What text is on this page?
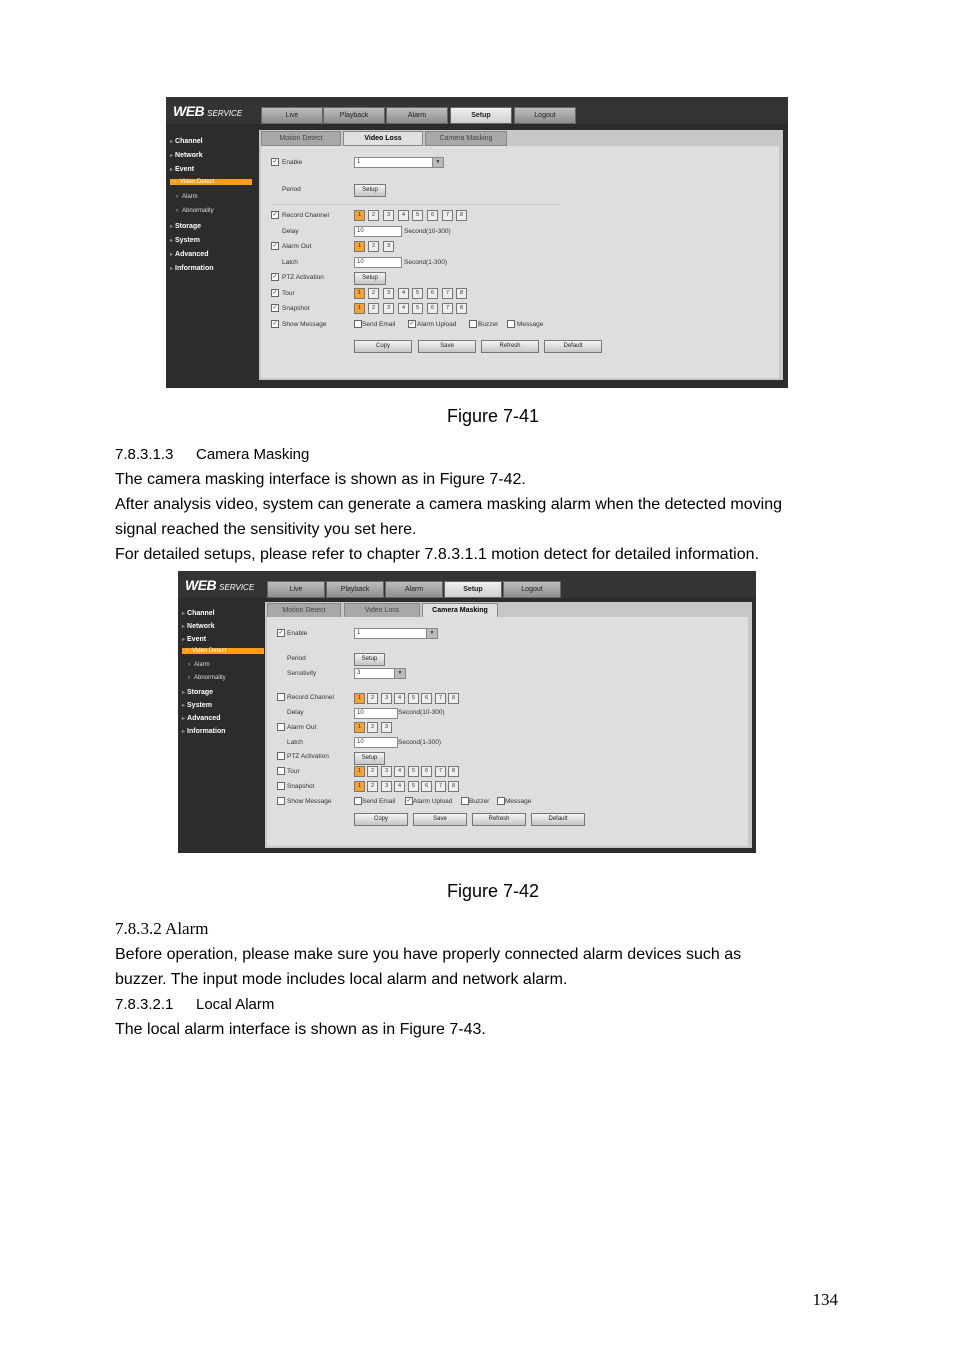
WEB SERVICE	Live	Playback	Alarm	Setup	Logout
▸ Channel
▸ Network
▸ Event
› Video Detect
› Alarm
› Abnormality
▸ Storage
▸ System
▸ Advanced
▸ Information
Motion Detect	Video Loss	Camera Masking
✓ Enable	1	▼
Period	Setup
✓ Record Channel	1	2	3	4	5	6	7	8
Delay	10	Second(10-300)
✓ Alarm Out	1	2	3
Latch	10	Second(1-300)
✓ PTZ Activation	Setup
✓ Tour	1	2	3	4	5	6	7	8
✓ Snapshot	1	2	3	4	5	6	7	8
✓ Show Message	Send Email ✓ Alarm Upload	Buzzer	Message
Copy	Save	Refresh	Default
Figure 7-41
7.8.3.1.3 Camera Masking
The camera masking interface is shown as in Figure 7-42.
After analysis video, system can generate a camera masking alarm when the detected moving
signal reached the sensitivity you set here.
For detailed setups, please refer to chapter 7.8.3.1.1 motion detect for detailed information.
WEB SERVICE	Live	Playback	Alarm	Setup	Logout
▸ Channel
▸ Network
▸ Event
› Video Detect
› Alarm
› Abnormality
▸ Storage
▸ System
▸ Advanced
▸ Information
Motion Detect	Video Loss	Camera Masking
✓ Enable	1	▼
Period	Setup
Sensitivity	3	▼
Record Channel	1	2	3	4	5	6	7	8
Delay	10	Second(10-300)
Alarm Out	1	2	3
Latch	10	Second(1-300)
PTZ Activation	Setup
Tour	1	2	3	4	5	6	7	8
Snapshot	1	2	3	4	5	6	7	8
Show Message	Send Email ✓ Alarm Upload	Buzzer Message
Copy	Save	Refresh	Default
Figure 7-42
7.8.3.2 Alarm
Before operation, please make sure you have properly connected alarm devices such as
buzzer. The input mode includes local alarm and network alarm.
7.8.3.2.1 Local Alarm
The local alarm interface is shown as in Figure 7-43.
134
